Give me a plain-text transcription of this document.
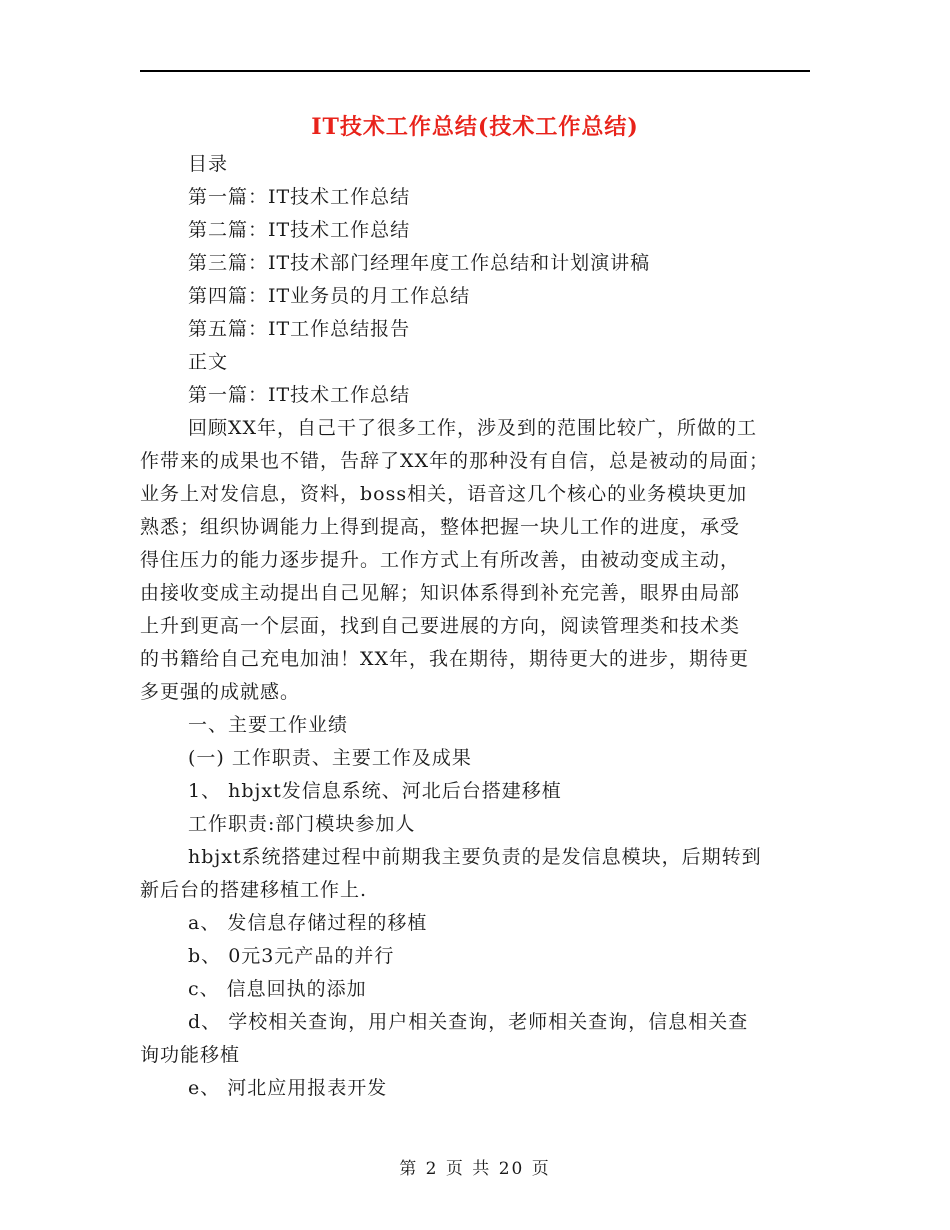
IT技术工作总结(技术工作总结)
目录
第一篇：IT技术工作总结
第二篇：IT技术工作总结
第三篇：IT技术部门经理年度工作总结和计划演讲稿
第四篇：IT业务员的月工作总结
第五篇：IT工作总结报告
正文
第一篇：IT技术工作总结
回顾XX年，自己干了很多工作，涉及到的范围比较广，所做的工
作带来的成果也不错，告辞了XX年的那种没有自信，总是被动的局面；
业务上对发信息，资料，boss相关，语音这几个核心的业务模块更加
熟悉；组织协调能力上得到提高，整体把握一块儿工作的进度，承受
得住压力的能力逐步提升。工作方式上有所改善，由被动变成主动，
由接收变成主动提出自己见解；知识体系得到补充完善，眼界由局部
上升到更高一个层面，找到自己要进展的方向，阅读管理类和技术类
的书籍给自己充电加油！XX年，我在期待，期待更大的进步，期待更
多更强的成就感。
一、主要工作业绩
(一) 工作职责、主要工作及成果
1、 hbjxt发信息系统、河北后台搭建移植
工作职责:部门模块参加人
hbjxt系统搭建过程中前期我主要负责的是发信息模块，后期转到
新后台的搭建移植工作上.
a、 发信息存储过程的移植
b、 0元3元产品的并行
c、 信息回执的添加
d、 学校相关查询，用户相关查询，老师相关查询，信息相关查
询功能移植
e、 河北应用报表开发
第 2 页 共 20 页
